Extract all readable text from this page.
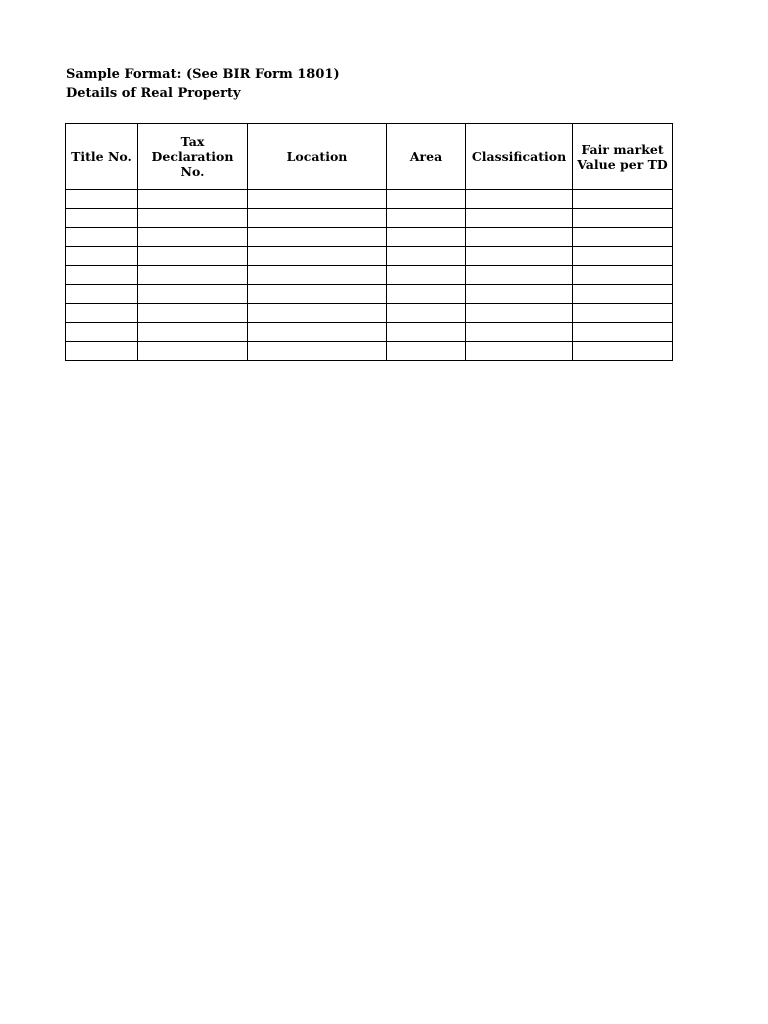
Sample Format: (See BIR Form 1801)
Details of Real Property
Title No.	Tax Declaration No.	Location	Area	Classification	Fair market Value per TD
